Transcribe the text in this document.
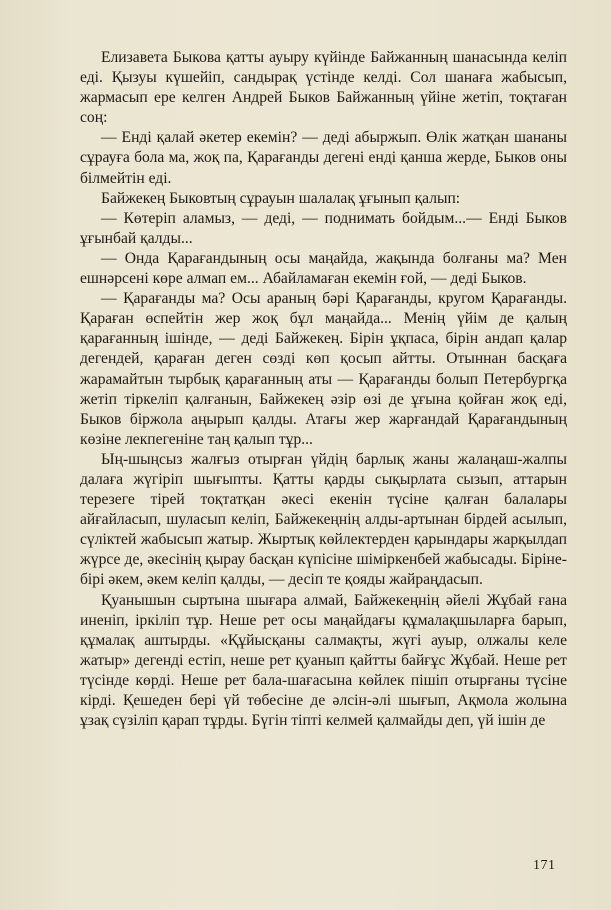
Елизавета Быкова қатты ауыру күйінде Байжанның шанасында келіп еді. Қызуы күшейіп, сандырақ үстінде келді. Сол шанаға жабысып, жармасып ере келген Андрей Быков Байжанның үйіне жетіп, тоқтаған соң:

— Енді қалай әкетер екемін? — деді абыржып. Өлік жатқан шананы сұрауға бола ма, жоқ па, Қарағанды дегені енді қанша жерде, Быков оны білмейтін еді.

Байжекең Быковтың сұрауын шалалақ ұғынып қалып:

— Көтеріп аламыз, — деді, — поднимать бойдым...— Енді Быков ұғынбай қалды...

— Онда Қарағандының осы маңайда, жақында болғаны ма? Мен ешнәрсені көре алмап ем... Абайламаған екемін ғой, — деді Быков.

— Қарағанды ма? Осы араның бәрі Қарағанды, кругом Қарағанды. Қараған өспейтін жер жоқ бұл маңайда... Менің үйім де қалың қарағанның ішінде, — деді Байжекең. Бірін ұқпаса, бірін андап қалар дегендей, қараған деген сөзді көп қосып айтты. Отыннан басқаға жарамайтын тырбық қарағанның аты — Қарағанды болып Петербургқа жетіп тіркеліп қалғанын, Байжекең әзір өзі де ұғына қойған жоқ еді, Быков біржола аңырып қалды. Атағы жер жарғандай Қарағандының көзіне лекпегеніне таң қалып тұр...

Ың-шыңсыз жалғыз отырған үйдің барлық жаны жалаңаш-жалпы далаға жүгіріп шығыпты. Қатты қарды сықырлата сызып, аттарын терезеге тірей тоқтатқан әкесі екенін түсіне қалған балалары айғайласып, шуласып келіп, Байжекеңнің алды-артынан бірдей асылып, сүліктей жабысып жатыр. Жыртық көйлектерден қарындары жарқылдап жүрсе де, әкесінің қырау басқан күпісіне шіміркенбей жабысады. Біріне-бірі әкем, әкем келіп қалды, — десіп те қояды жайраңдасып.

Қуанышын сыртына шығара алмай, Байжекеңнің әйелі Жұбай ғана иненіп, іркіліп тұр. Неше рет осы маңайдағы құмалақшыларға барып, құмалақ аштырды. «Құйысқаны салмақты, жүгі ауыр, олжалы келе жатыр» дегенді естіп, неше рет қуанып қайтты байғұс Жұбай. Неше рет түсінде көрді. Неше рет бала-шағасына көйлек пішіп отырғаны түсіне кірді. Қешеден бері үй төбесіне де әлсін-әлі шығып, Ақмола жолына ұзақ сүзіліп қарап тұрды. Бүгін тіпті келмей қалмайды деп, үй ішін де

171
